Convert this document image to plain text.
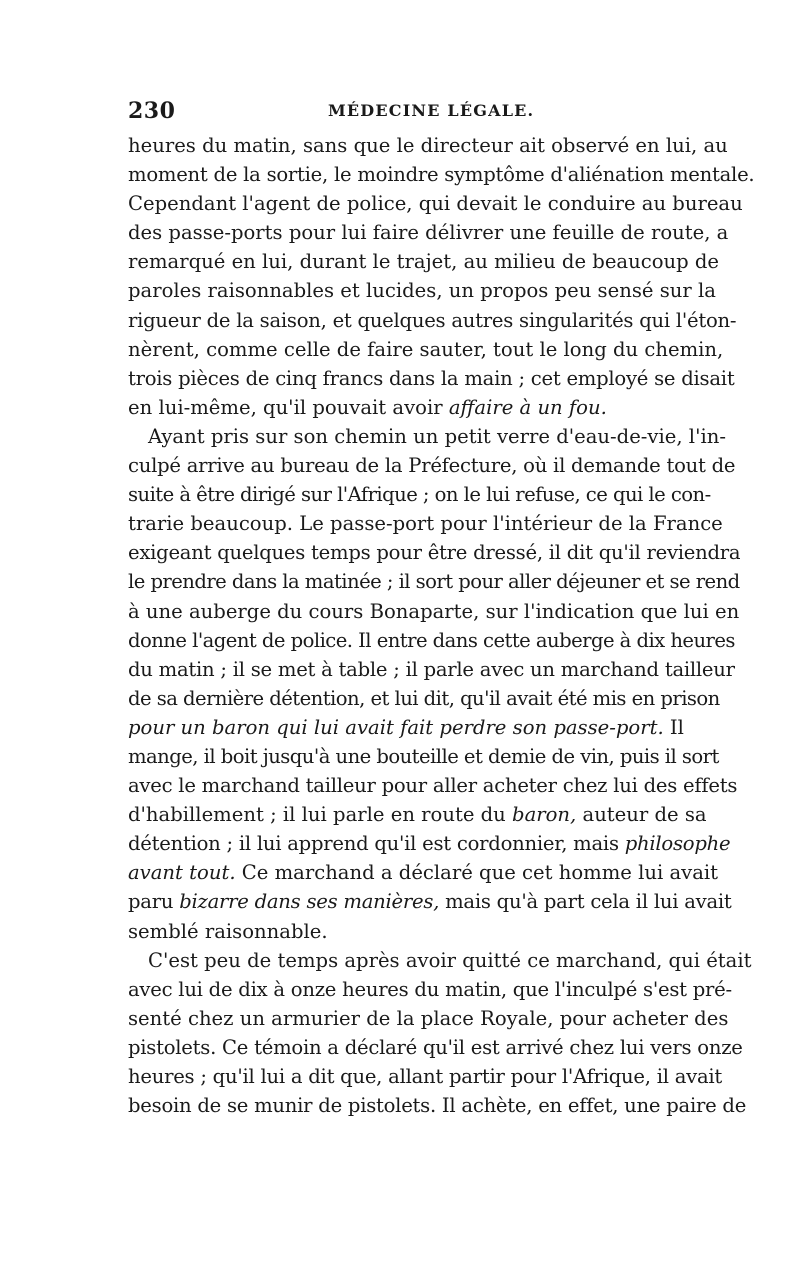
230	MÉDECINE LÉGALE.
heures du matin, sans que le directeur ait observé en lui, au
moment de la sortie, le moindre symptôme d'aliénation mentale.
Cependant l'agent de police, qui devait le conduire au bureau
des passe-ports pour lui faire délivrer une feuille de route, a
remarqué en lui, durant le trajet, au milieu de beaucoup de
paroles raisonnables et lucides, un propos peu sensé sur la
rigueur de la saison, et quelques autres singularités qui l'éton-
nèrent, comme celle de faire sauter, tout le long du chemin,
trois pièces de cinq francs dans la main ; cet employé se disait
en lui-même, qu'il pouvait avoir affaire à un fou.
Ayant pris sur son chemin un petit verre d'eau-de-vie, l'in-
culpé arrive au bureau de la Préfecture, où il demande tout de
suite à être dirigé sur l'Afrique ; on le lui refuse, ce qui le con-
trarie beaucoup. Le passe-port pour l'intérieur de la France
exigeant quelques temps pour être dressé, il dit qu'il reviendra
le prendre dans la matinée ; il sort pour aller déjeuner et se rend
à une auberge du cours Bonaparte, sur l'indication que lui en
donne l'agent de police. Il entre dans cette auberge à dix heures
du matin ; il se met à table ; il parle avec un marchand tailleur
de sa dernière détention, et lui dit, qu'il avait été mis en prison
pour un baron qui lui avait fait perdre son passe-port. Il
mange, il boit jusqu'à une bouteille et demie de vin, puis il sort
avec le marchand tailleur pour aller acheter chez lui des effets
d'habillement ; il lui parle en route du baron, auteur de sa
détention ; il lui apprend qu'il est cordonnier, mais philosophe
avant tout. Ce marchand a déclaré que cet homme lui avait
paru bizarre dans ses manières, mais qu'à part cela il lui avait
semblé raisonnable.
C'est peu de temps après avoir quitté ce marchand, qui était
avec lui de dix à onze heures du matin, que l'inculpé s'est pré-
senté chez un armurier de la place Royale, pour acheter des
pistolets. Ce témoin a déclaré qu'il est arrivé chez lui vers onze
heures ; qu'il lui a dit que, allant partir pour l'Afrique, il avait
besoin de se munir de pistolets. Il achète, en effet, une paire de
